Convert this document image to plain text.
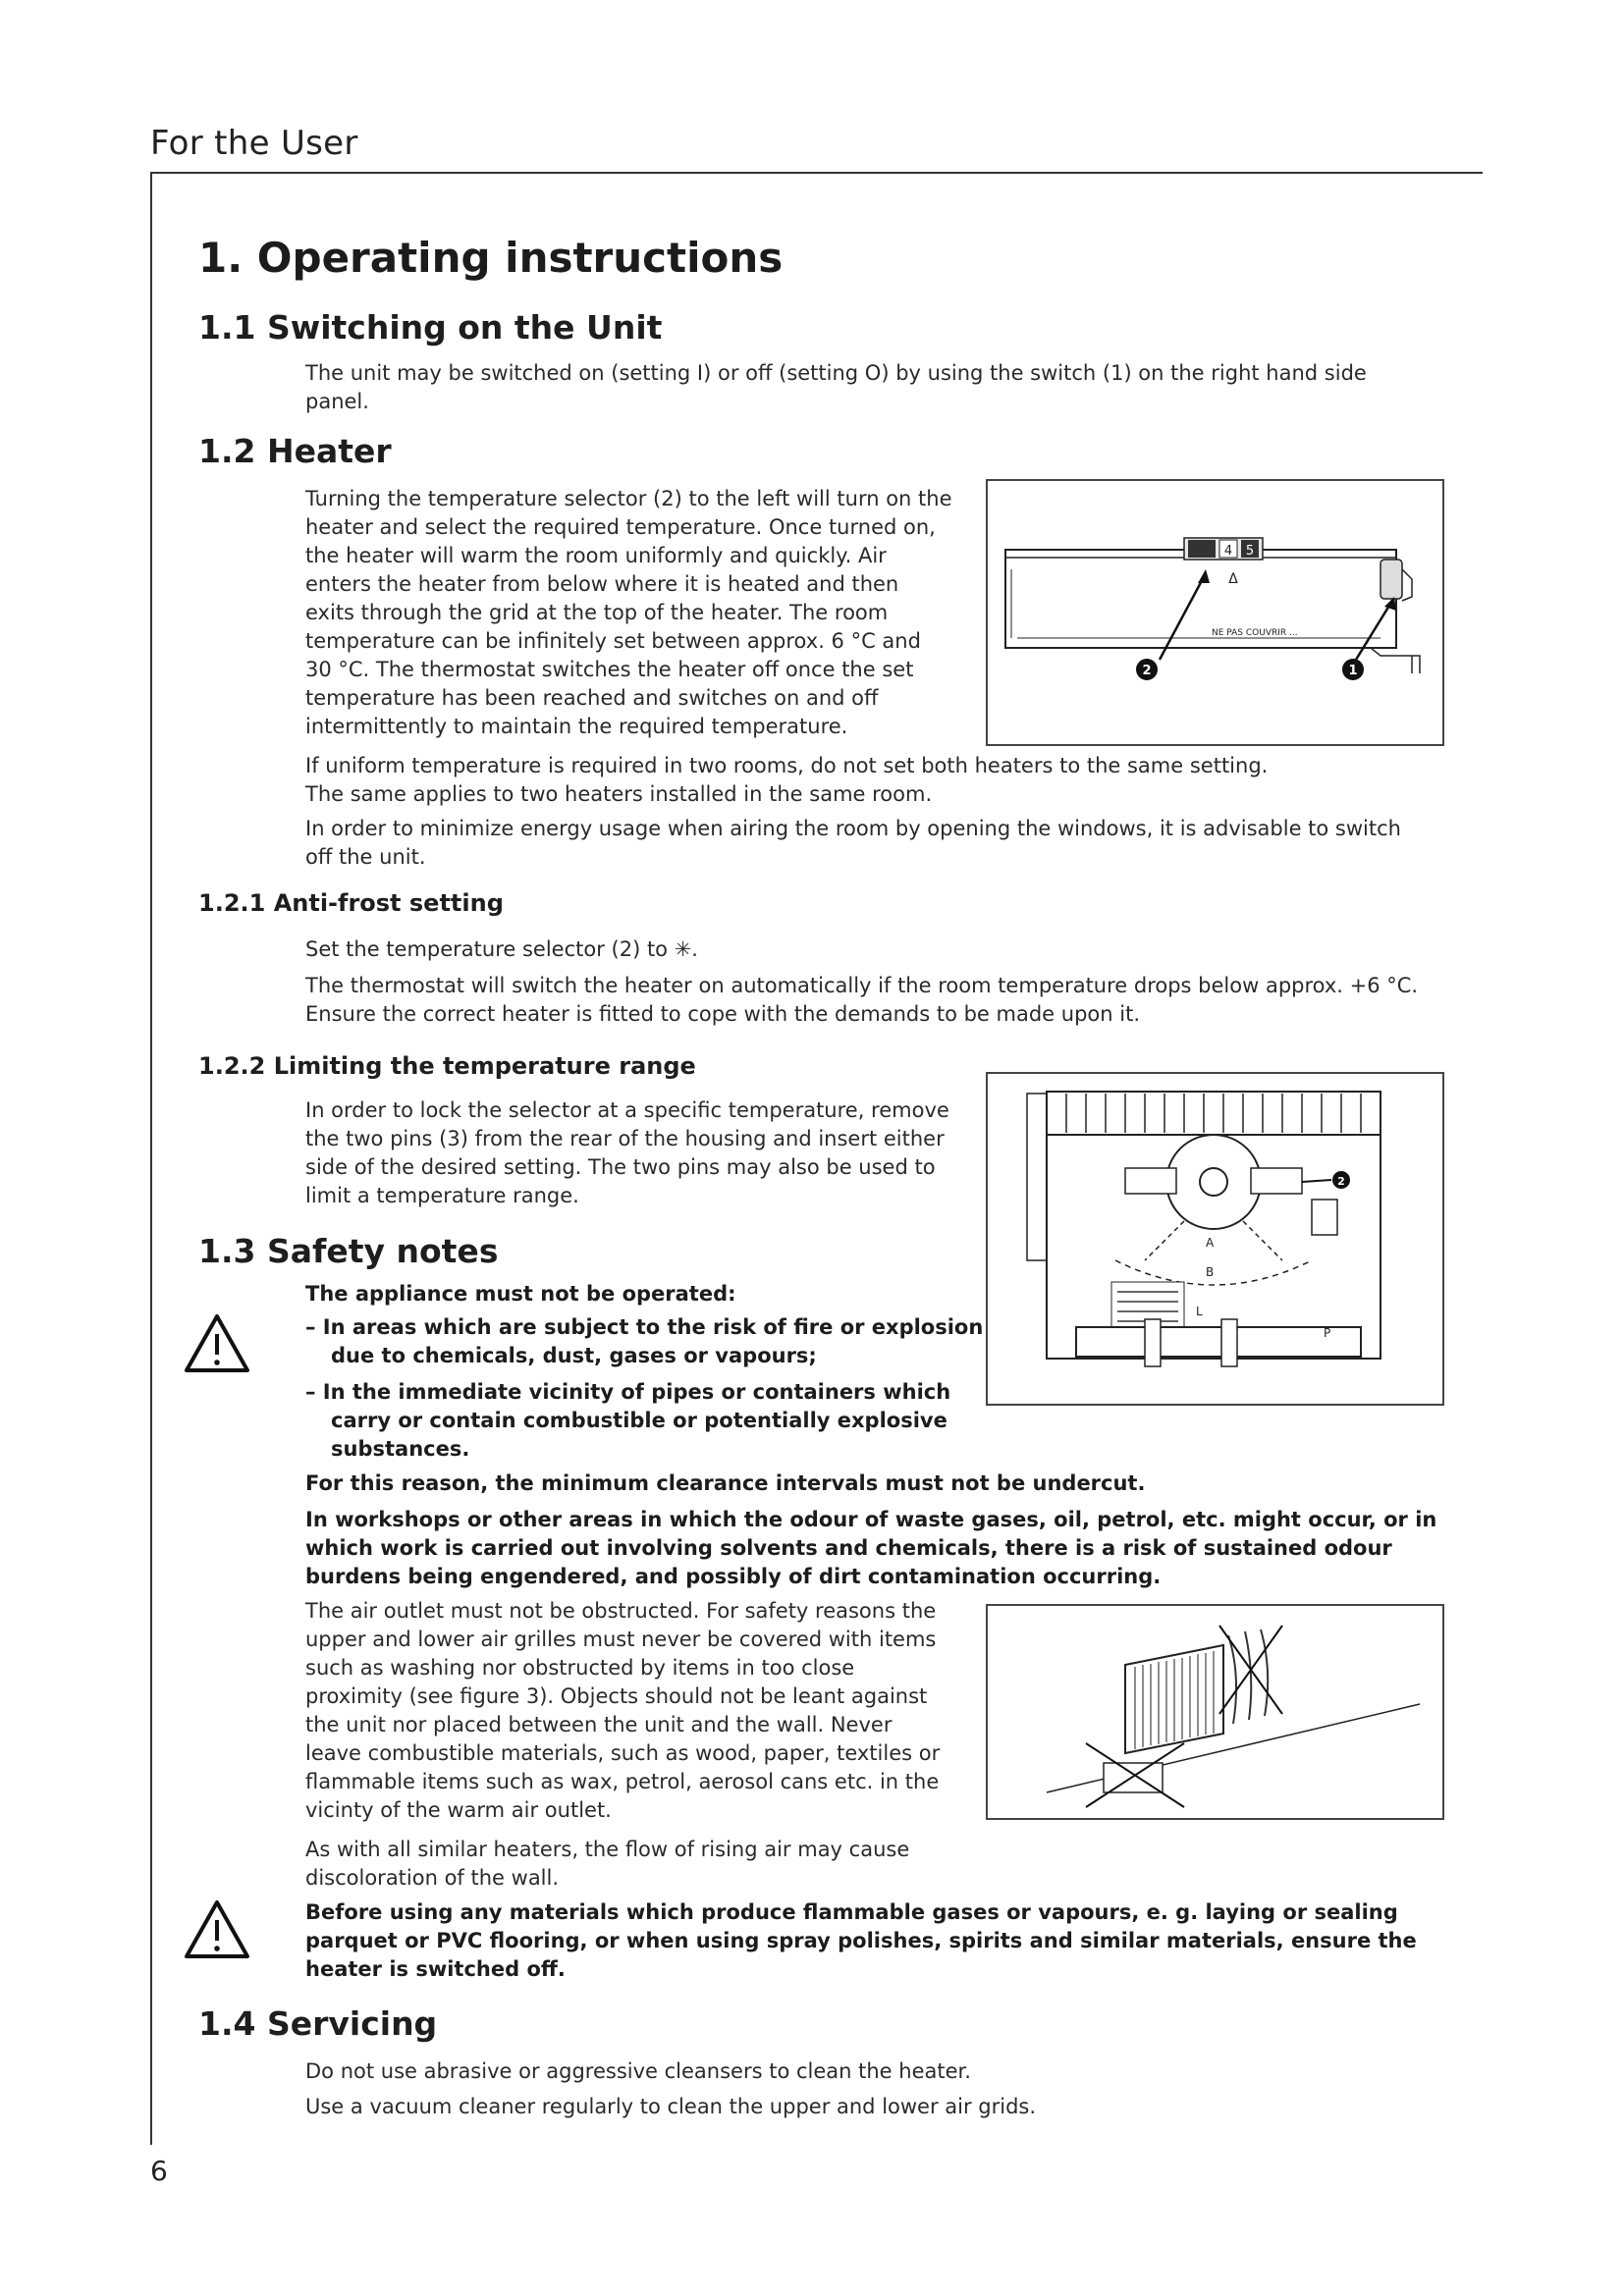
For the User
1. Operating instructions
1.1 Switching on the Unit
The unit may be switched on (setting I) or off (setting O) by using the switch (1) on the right hand side panel.
1.2 Heater
Turning the temperature selector (2) to the left will turn on the heater and select the required temperature. Once turned on, the heater will warm the room uniformly and quickly. Air enters the heater from below where it is heated and then exits through the grid at the top of the heater. The room temperature can be infinitely set between approx. 6 °C and 30 °C. The thermostat switches the heater off once the set temperature has been reached and switches on and off intermittently to maintain the required temperature.
If uniform temperature is required in two rooms, do not set both heaters to the same setting. The same applies to two heaters installed in the same room.
In order to minimize energy usage when airing the room by opening the windows, it is advisable to switch off the unit.
4 5
Δ
NE PAS COUVRIR ...
2	1
1.2.1 Anti-frost setting
Set the temperature selector (2) to ✳.
The thermostat will switch the heater on automatically if the room temperature drops below approx. +6 °C. Ensure the correct heater is fitted to cope with the demands to be made upon it.
1.2.2 Limiting the temperature range
In order to lock the selector at a specific temperature, remove the two pins (3) from the rear of the housing and insert either side of the desired setting. The two pins may also be used to limit a temperature range.
2
A
B
L
P
1.3 Safety notes
The appliance must not be operated:
– In areas which are subject to the risk of fire or explosion due to chemicals, dust, gases or vapours;
– In the immediate vicinity of pipes or containers which carry or contain combustible or potentially explosive substances.
For this reason, the minimum clearance intervals must not be undercut.
In workshops or other areas in which the odour of waste gases, oil, petrol, etc. might occur, or in which work is carried out involving solvents and chemicals, there is a risk of sustained odour burdens being engendered, and possibly of dirt contamination occurring.
The air outlet must not be obstructed. For safety reasons the upper and lower air grilles must never be covered with items such as washing nor obstructed by items in too close proximity (see figure 3). Objects should not be leant against the unit nor placed between the unit and the wall. Never leave combustible materials, such as wood, paper, textiles or flammable items such as wax, petrol, aerosol cans etc. in the vicinty of the warm air outlet.
As with all similar heaters, the flow of rising air may cause discoloration of the wall.
Before using any materials which produce flammable gases or vapours, e. g. laying or sealing parquet or PVC flooring, or when using spray polishes, spirits and similar materials, ensure the heater is switched off.
1.4 Servicing
Do not use abrasive or aggressive cleansers to clean the heater.
Use a vacuum cleaner regularly to clean the upper and lower air grids.
6
